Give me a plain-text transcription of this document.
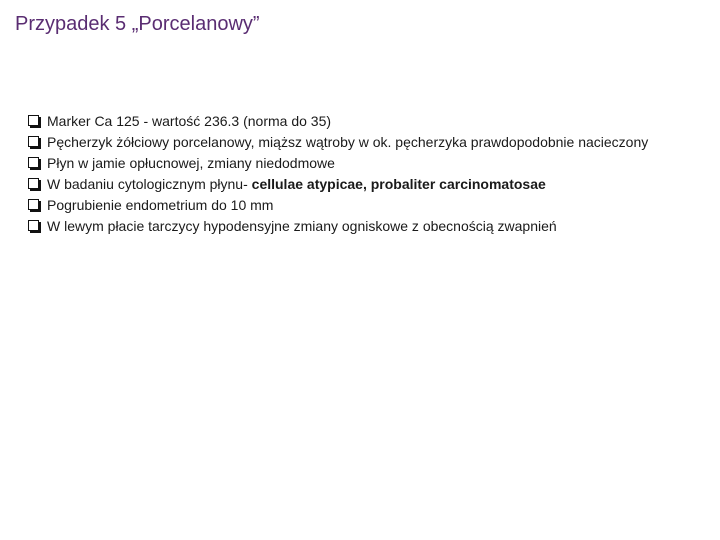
Przypadek 5 „Porcelanowy”
Marker Ca 125 - wartość 236.3 (norma do 35)
Pęcherzyk żółciowy porcelanowy, miąższ wątroby w ok. pęcherzyka prawdopodobnie nacieczony
Płyn w jamie opłucnowej, zmiany niedodmowe
W badaniu cytologicznym płynu- cellulae atypicae, probaliter carcinomatosae
Pogrubienie endometrium do 10 mm
W lewym płacie tarczycy hypodensyjne zmiany ogniskowe z obecnością zwapnień
